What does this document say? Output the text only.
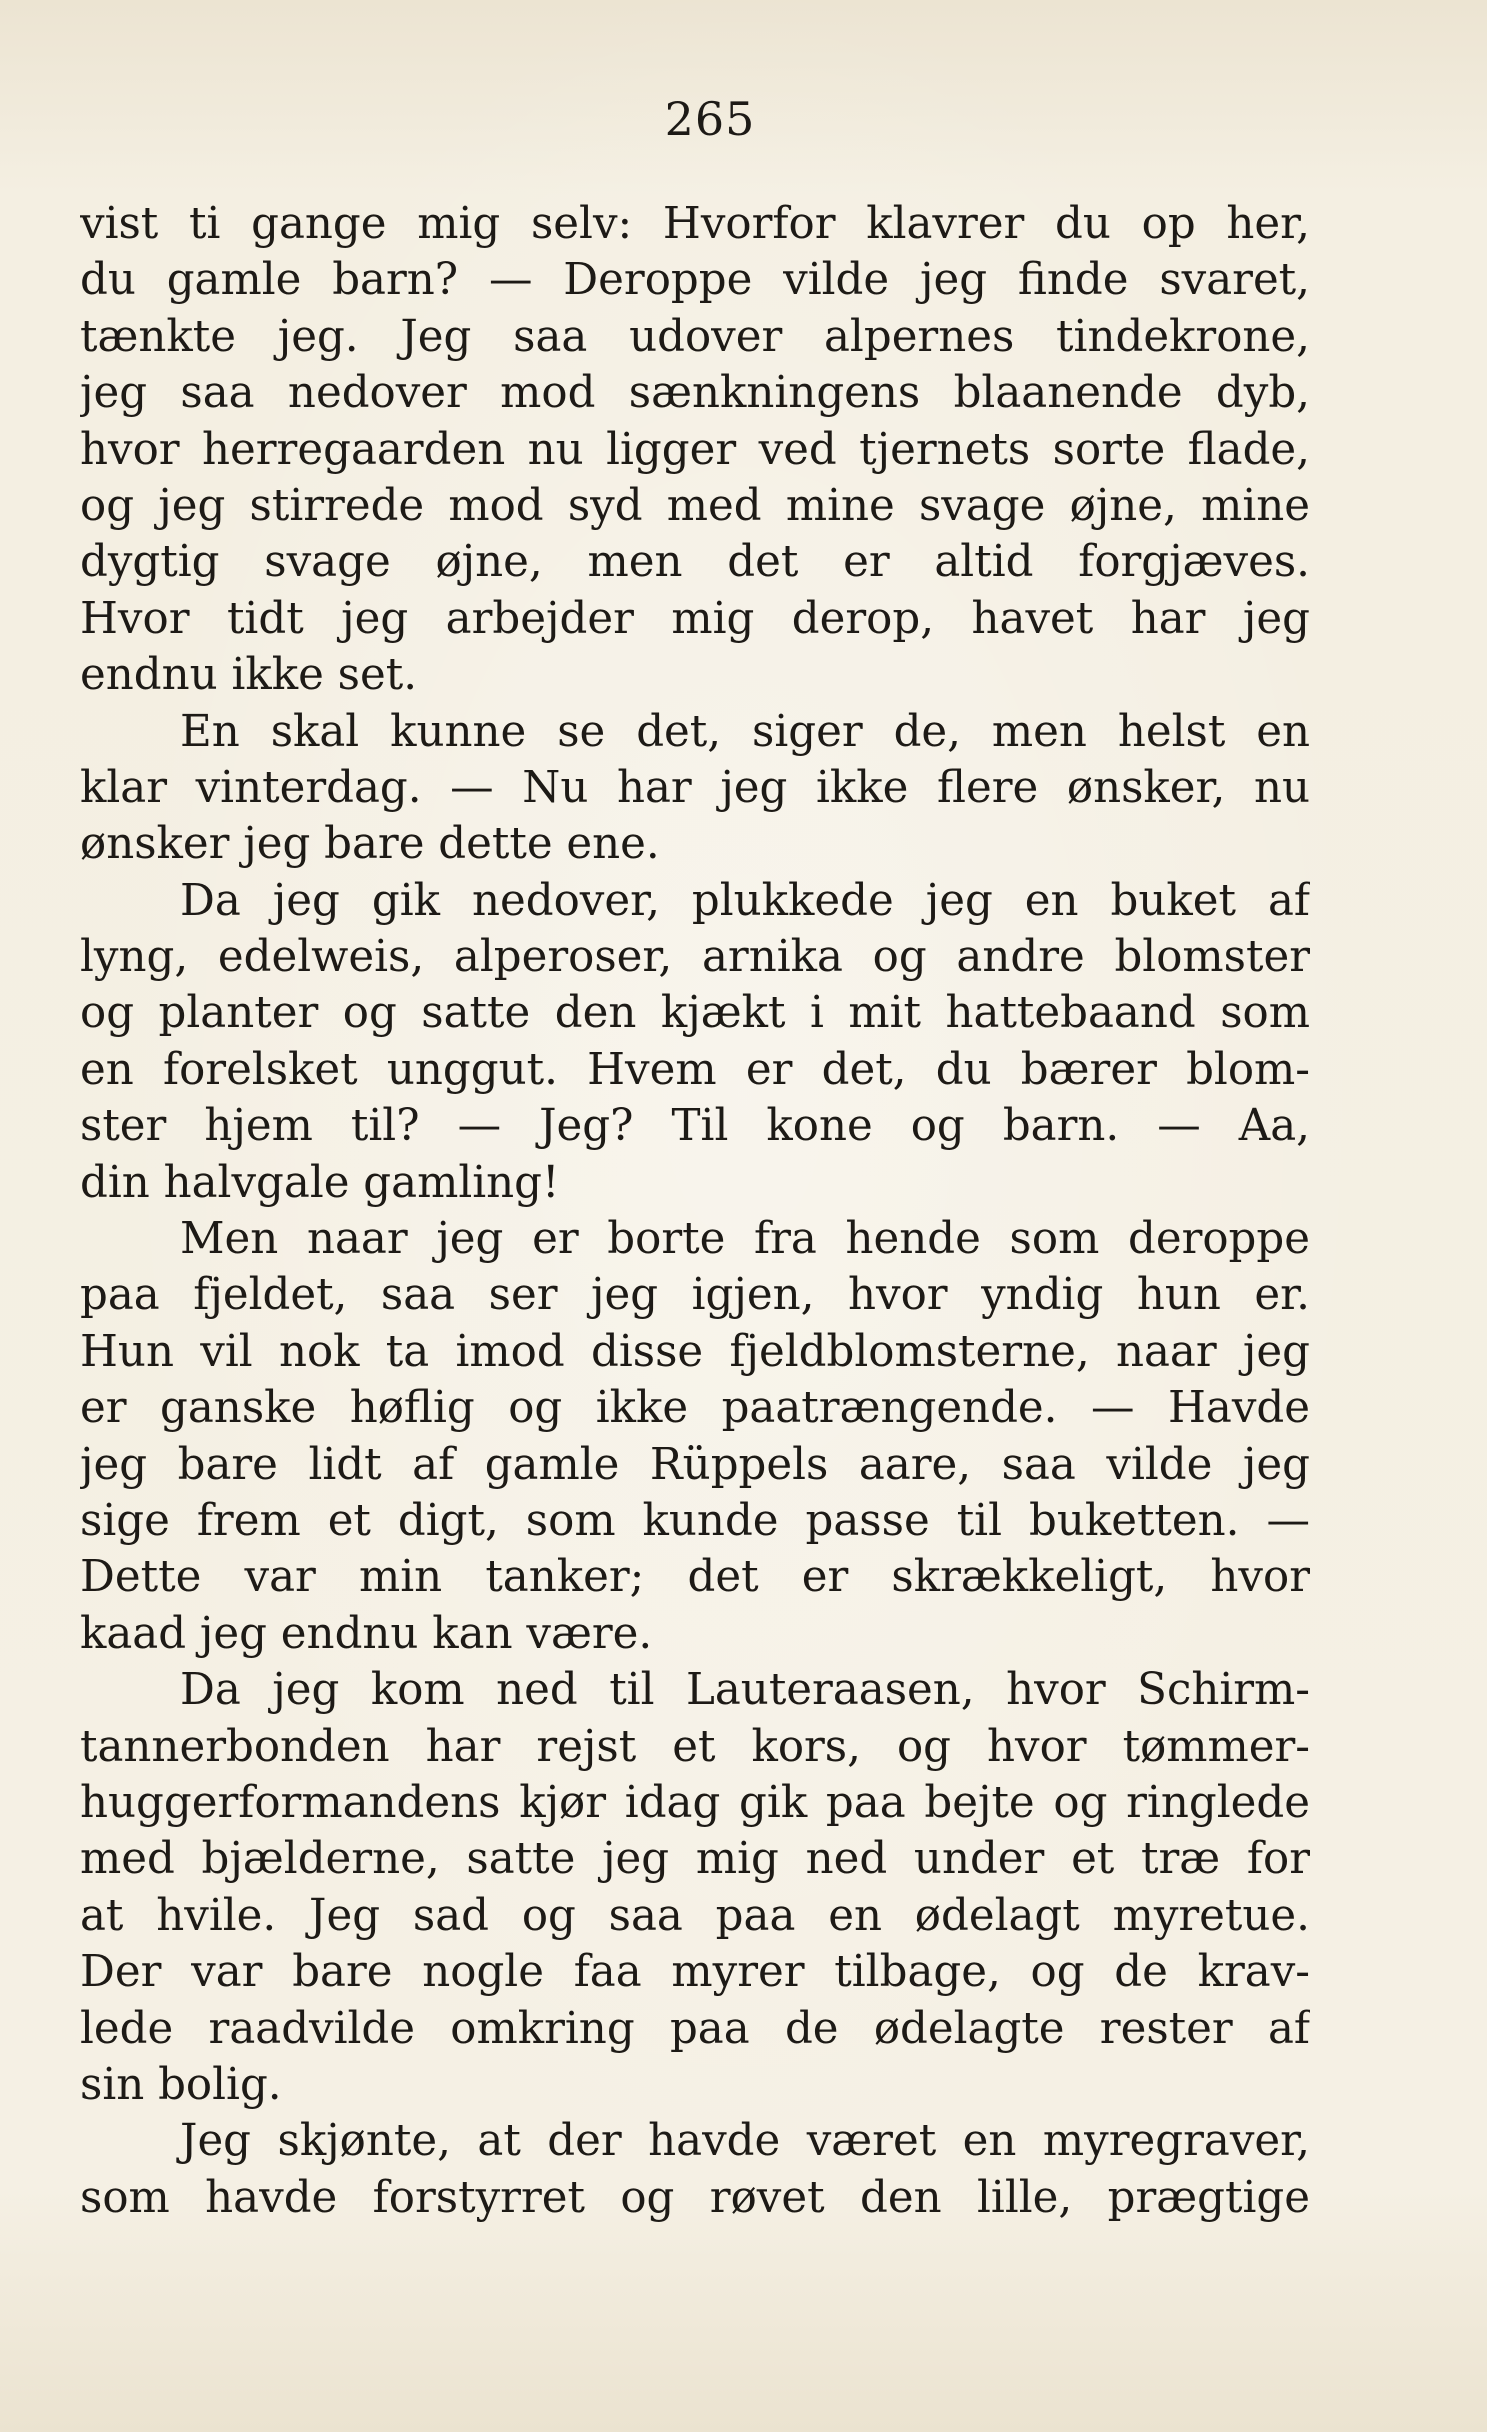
265
vist ti gange mig selv: Hvorfor klavrer du op her,
du gamle barn? — Deroppe vilde jeg finde svaret,
tænkte jeg. Jeg saa udover alpernes tindekrone,
jeg saa nedover mod sænkningens blaanende dyb,
hvor herregaarden nu ligger ved tjernets sorte flade,
og jeg stirrede mod syd med mine svage øjne, mine
dygtig svage øjne, men det er altid forgjæves.
Hvor tidt jeg arbejder mig derop, havet har jeg
endnu ikke set.
En skal kunne se det, siger de, men helst en
klar vinterdag. — Nu har jeg ikke flere ønsker, nu
ønsker jeg bare dette ene.
Da jeg gik nedover, plukkede jeg en buket af
lyng, edelweis, alperoser, arnika og andre blomster
og planter og satte den kjækt i mit hattebaand som
en forelsket unggut. Hvem er det, du bærer blom-
ster hjem til? — Jeg? Til kone og barn. — Aa,
din halvgale gamling!
Men naar jeg er borte fra hende som deroppe
paa fjeldet, saa ser jeg igjen, hvor yndig hun er.
Hun vil nok ta imod disse fjeldblomsterne, naar jeg
er ganske høflig og ikke paatrængende. — Havde
jeg bare lidt af gamle Rüppels aare, saa vilde jeg
sige frem et digt, som kunde passe til buketten. —
Dette var min tanker; det er skrækkeligt, hvor
kaad jeg endnu kan være.
Da jeg kom ned til Lauteraasen, hvor Schirm-
tannerbonden har rejst et kors, og hvor tømmer-
huggerformandens kjør idag gik paa bejte og ringlede
med bjælderne, satte jeg mig ned under et træ for
at hvile. Jeg sad og saa paa en ødelagt myretue.
Der var bare nogle faa myrer tilbage, og de krav-
lede raadvilde omkring paa de ødelagte rester af
sin bolig.
Jeg skjønte, at der havde været en myregraver,
som havde forstyrret og røvet den lille, prægtige
